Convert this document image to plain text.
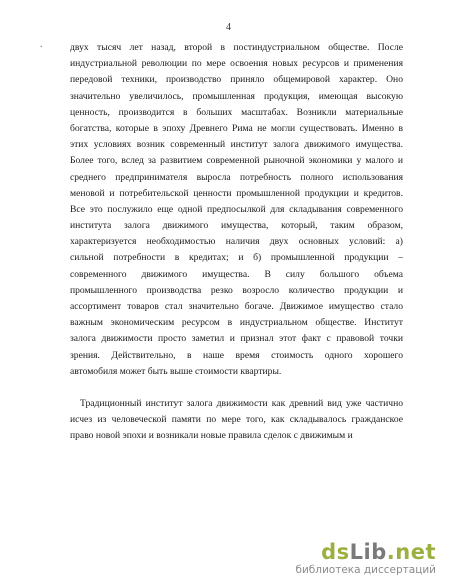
4
.	двух тысяч лет назад, второй в постиндустриальном обществе. После
индустриальной революции по мере освоения новых ресурсов и применения
передовой техники, производство приняло общемировой характер. Оно
значительно увеличилось, промышленная продукция, имеющая высокую
ценность, производится в больших масштабах. Возникли материальные
богатства, которые в эпоху Древнего Рима не могли существовать. Именно в
этих условиях возник современный институт залога движимого имущества.
Более того, вслед за развитием современной рыночной экономики у малого и
среднего предпринимателя выросла потребность полного использования
меновой и потребительской ценности промышленной продукции и кредитов.
Все это послужило еще одной предпосылкой для складывания современного
института залога движимого имущества, который, таким образом,
характеризуется необходимостью наличия двух основных условий: а)
сильной потребности в кредитах; и б) промышленной продукции –
современного движимого имущества. В силу большого объема
промышленного производства резко возросло количество продукции и
ассортимент товаров стал значительно богаче. Движимое имущество стало
важным экономическим ресурсом в индустриальном обществе. Институт
залога движимости просто заметил и признал этот факт с правовой точки
зрения. Действительно, в наше время стоимость одного хорошего
автомобиля может быть выше стоимости квартиры.
Традиционный институт залога движимости как древний вид уже частично
исчез из человеческой памяти по мере того, как складывалось гражданское
право новой эпохи и возникали новые правила сделок с движимым и
dsLib.net
библиотека диссертаций
